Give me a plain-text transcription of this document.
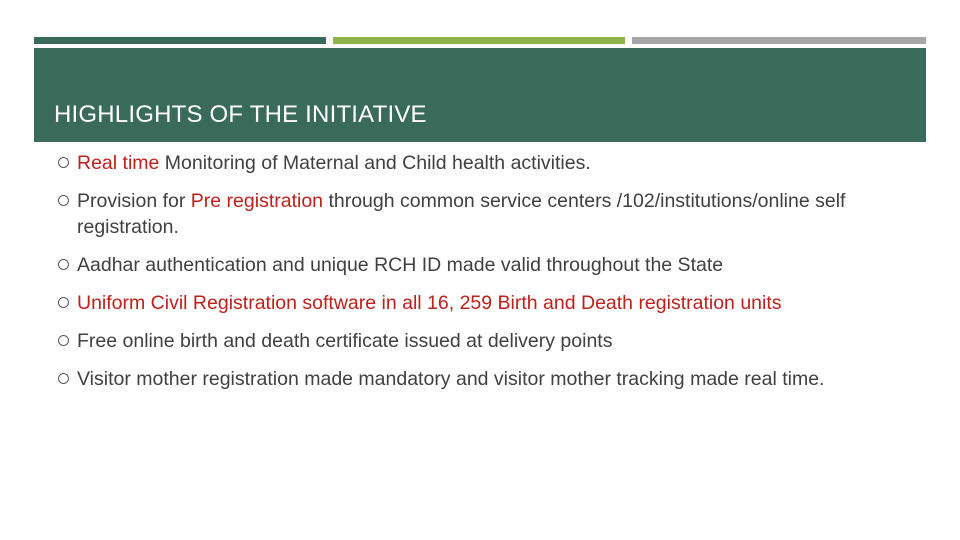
HIGHLIGHTS OF THE INITIATIVE
Real time Monitoring of Maternal and Child health activities.
Provision for Pre registration through common service centers /102/institutions/online self registration.
Aadhar authentication and unique RCH ID made valid throughout the State
Uniform Civil Registration software in all 16, 259 Birth and Death registration units
Free online birth and death certificate issued at delivery points
Visitor mother registration made mandatory and visitor mother tracking made real time.
